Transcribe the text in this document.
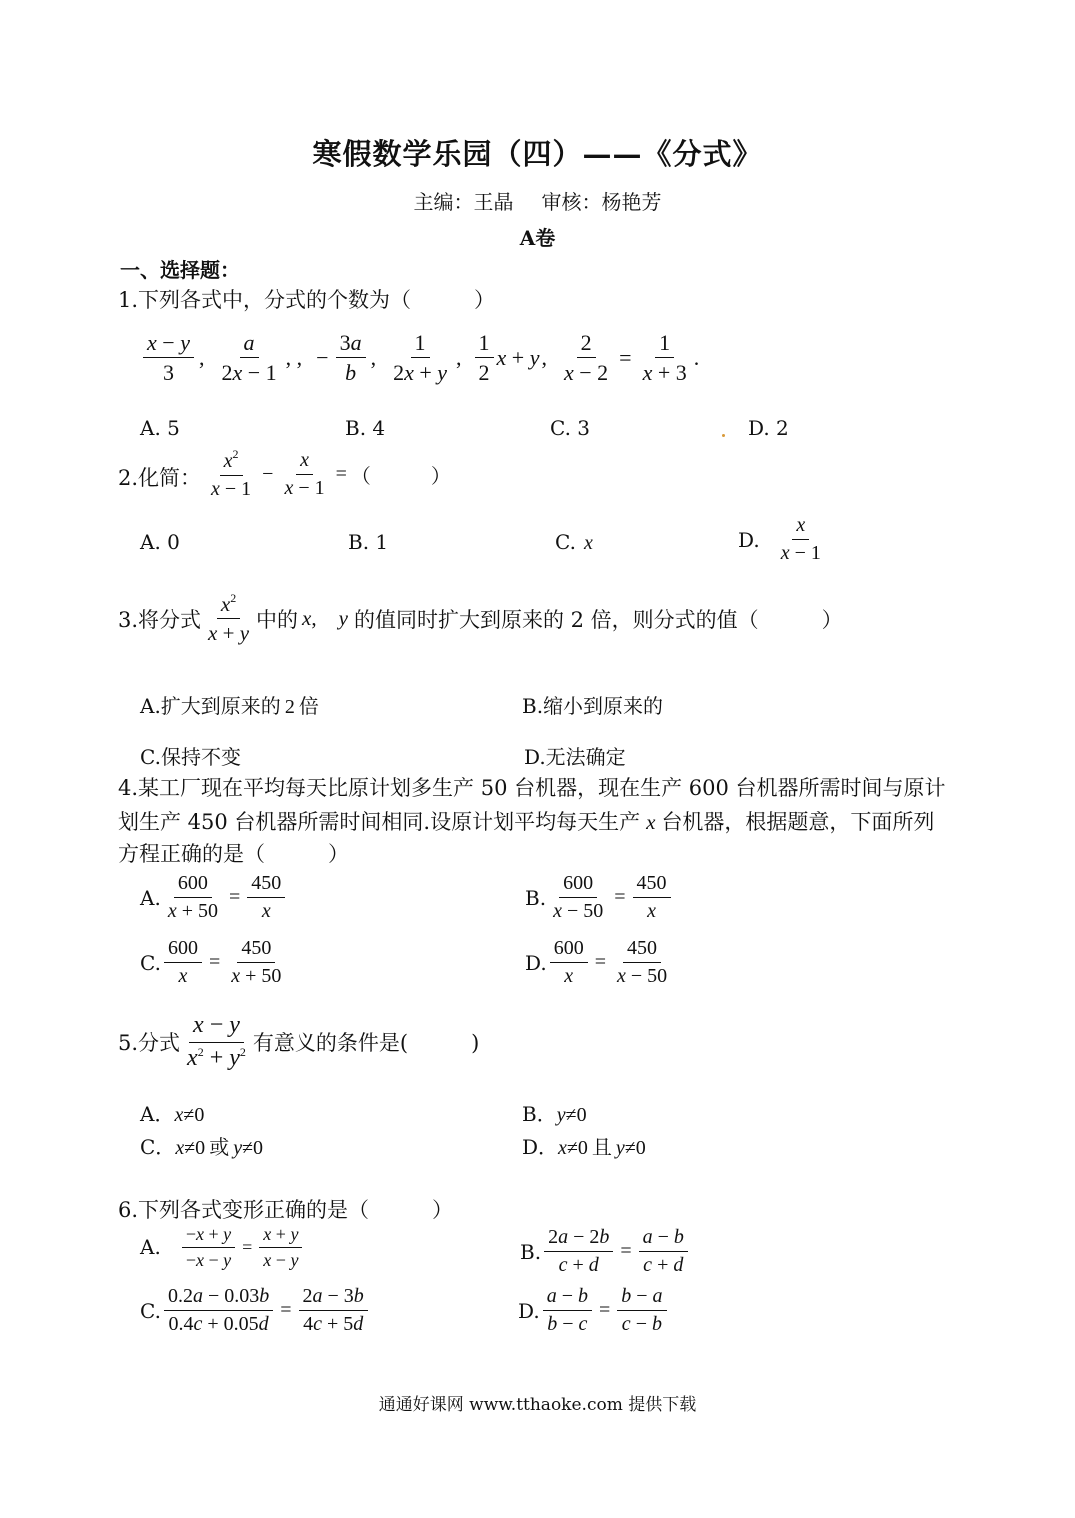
寒假数学乐园（四）——《分式》
主编：王晶 审核：杨艳芳
A卷
一、选择题：
1.下列各式中，分式的个数为（　　　）
$\frac{x - y}{3}$ , $\frac{a}{2x - 1}$ , , − $\frac{3a}{b}$ , $\frac{1}{2x + y}$ , $\frac{1}{2}$ x + y , $\frac{2}{x - 2} = \frac{1}{x + 3}$ .
A. 5	B. 4	C. 3	D. 2
2.化简： $\frac{x^2}{x - 1} - \frac{x}{x - 1}$ = （　　　）
A. 0	B. 1	C. x	D. $\frac{x}{x - 1}$
3.将分式 $\frac{x^2}{x + y}$ 中的 x , y 的值同时扩大到原来的 2 倍，则分式的值（　　　）
A.扩大到原来的 2 倍	B.缩小到原来的
C.保持不变	D.无法确定
4.某工厂现在平均每天比原计划多生产 50 台机器，现在生产 600 台机器所需时间与原计
划生产 450 台机器所需时间相同.设原计划平均每天生产 x 台机器，根据题意，下面所列
方程正确的是（　　　）
A. $\frac{600}{x + 50} = \frac{450}{x}$	B. $\frac{600}{x - 50} = \frac{450}{x}$
C. $\frac{600}{x} = \frac{450}{x + 50}$	D. $\frac{600}{x} = \frac{450}{x - 50}$
5.分式 $\frac{x - y}{x^2 + y^2}$ 有意义的条件是(　　　)
A． x ≠0	B． y ≠0
C． x ≠0 或 y ≠0	D． x ≠0 且 y ≠0
6.下列各式变形正确的是（　　　）
A. $\frac{-x + y}{-x - y} = \frac{x + y}{x - y}$	B. $\frac{2a - 2b}{c + d} = \frac{a - b}{c + d}$
C. $\frac{0.2a - 0.03b}{0.4c + 0.05d} = \frac{2a - 3b}{4c + 5d}$	D. $\frac{a - b}{b - c} = \frac{b - a}{c - b}$
通通好课网 www.tthaoke.com 提供下载
